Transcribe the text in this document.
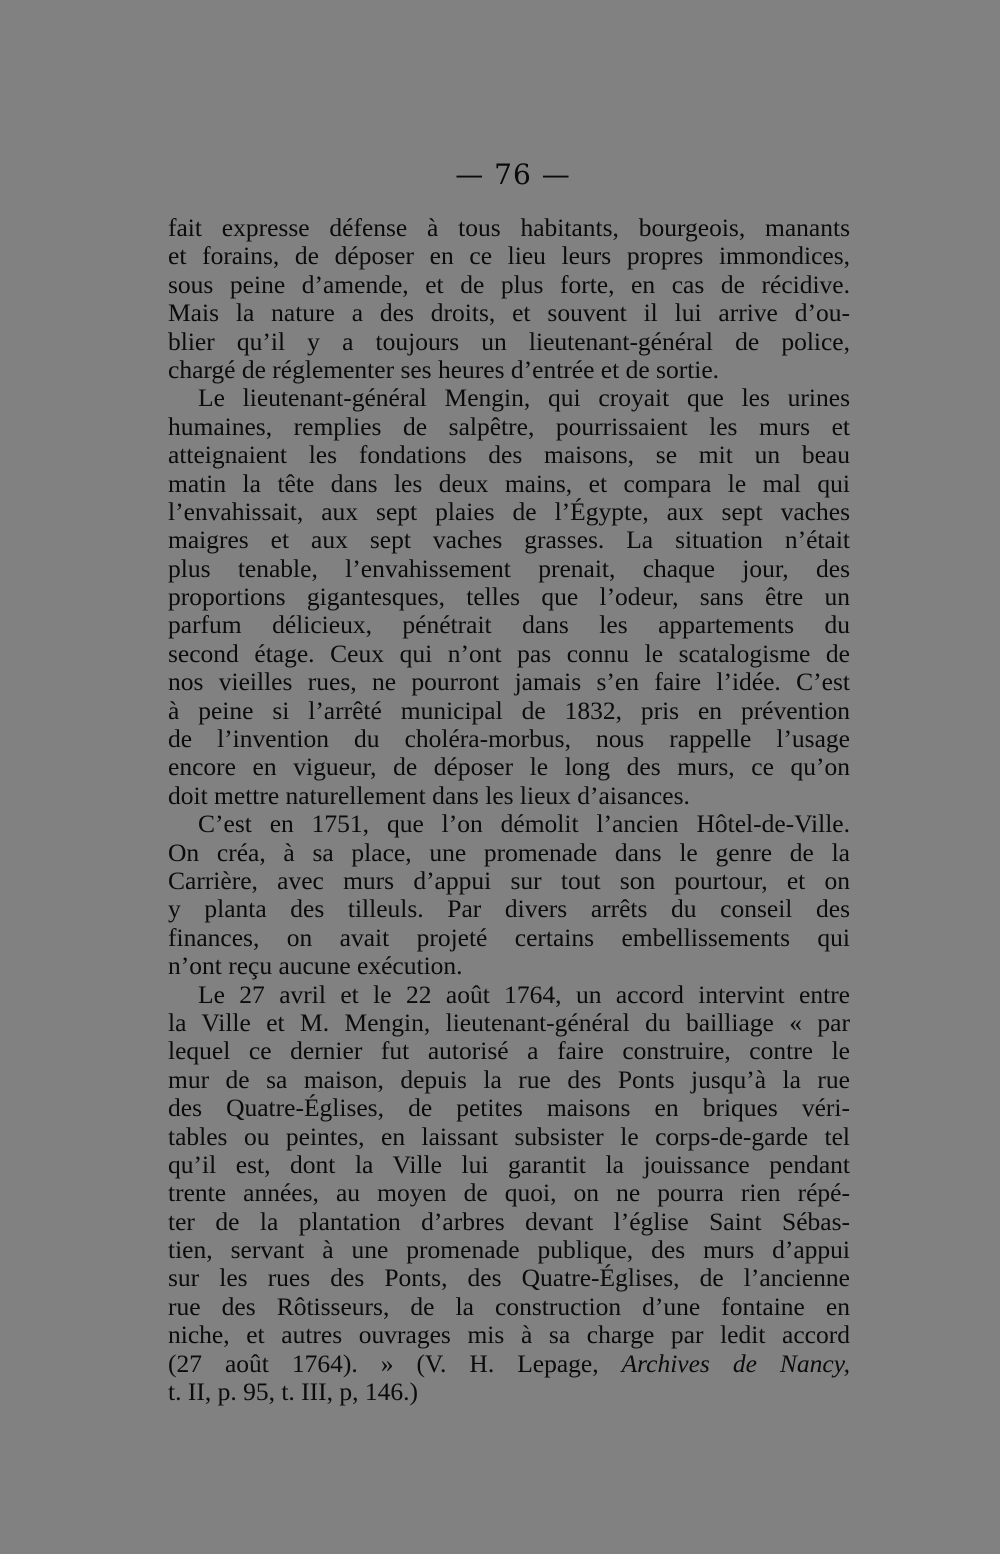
— 76 —
fait expresse défense à tous habitants, bourgeois, manants
et forains, de déposer en ce lieu leurs propres immondices,
sous peine d’amende, et de plus forte, en cas de récidive.
Mais la nature a des droits, et souvent il lui arrive d’ou-
blier qu’il y a toujours un lieutenant-général de police,
chargé de réglementer ses heures d’entrée et de sortie.
Le lieutenant-général Mengin, qui croyait que les urines
humaines, remplies de salpêtre, pourrissaient les murs et
atteignaient les fondations des maisons, se mit un beau
matin la tête dans les deux mains, et compara le mal qui
l’envahissait, aux sept plaies de l’Égypte, aux sept vaches
maigres et aux sept vaches grasses. La situation n’était
plus tenable, l’envahissement prenait, chaque jour, des
proportions gigantesques, telles que l’odeur, sans être un
parfum délicieux, pénétrait dans les appartements du
second étage. Ceux qui n’ont pas connu le scatalogisme de
nos vieilles rues, ne pourront jamais s’en faire l’idée. C’est
à peine si l’arrêté municipal de 1832, pris en prévention
de l’invention du choléra-morbus, nous rappelle l’usage
encore en vigueur, de déposer le long des murs, ce qu’on
doit mettre naturellement dans les lieux d’aisances.
C’est en 1751, que l’on démolit l’ancien Hôtel-de-Ville.
On créa, à sa place, une promenade dans le genre de la
Carrière, avec murs d’appui sur tout son pourtour, et on
y planta des tilleuls. Par divers arrêts du conseil des
finances, on avait projeté certains embellissements qui
n’ont reçu aucune exécution.
Le 27 avril et le 22 août 1764, un accord intervint entre
la Ville et M. Mengin, lieutenant-général du bailliage « par
lequel ce dernier fut autorisé a faire construire, contre le
mur de sa maison, depuis la rue des Ponts jusqu’à la rue
des Quatre-Églises, de petites maisons en briques véri-
tables ou peintes, en laissant subsister le corps-de-garde tel
qu’il est, dont la Ville lui garantit la jouissance pendant
trente années, au moyen de quoi, on ne pourra rien répé-
ter de la plantation d’arbres devant l’église Saint Sébas-
tien, servant à une promenade publique, des murs d’appui
sur les rues des Ponts, des Quatre-Églises, de l’ancienne
rue des Rôtisseurs, de la construction d’une fontaine en
niche, et autres ouvrages mis à sa charge par ledit accord
(27 août 1764). » (V. H. Lepage, Archives de Nancy,
t. II, p. 95, t. III, p, 146.)
